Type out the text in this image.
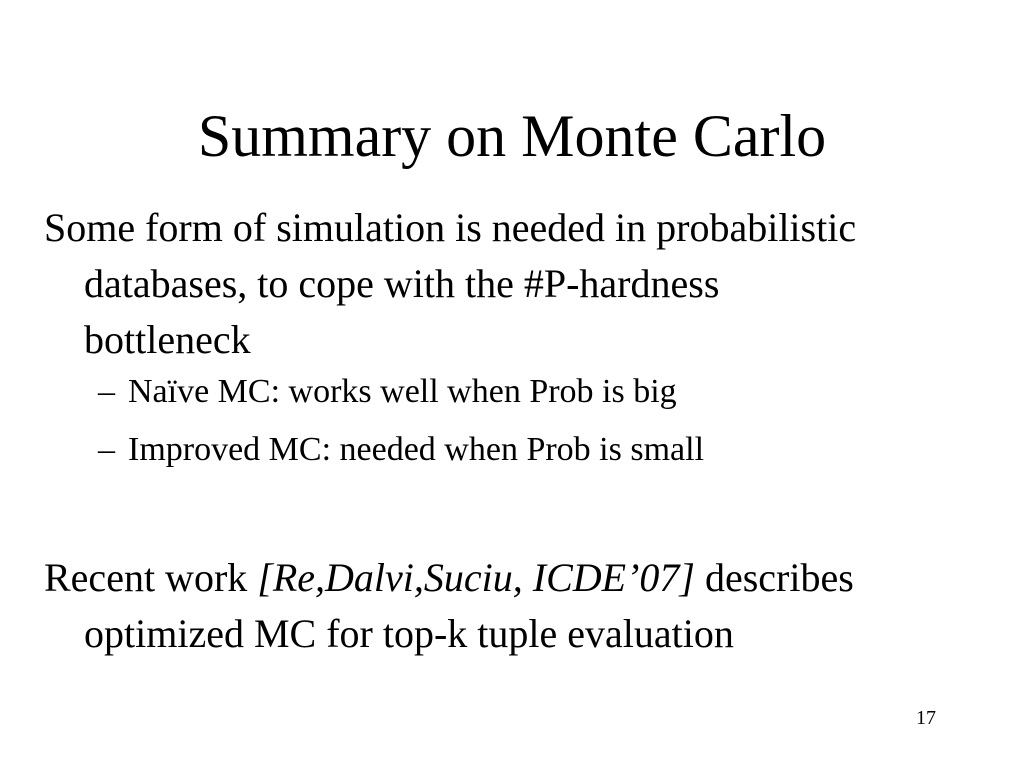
Summary on Monte Carlo
Some form of simulation is needed in probabilistic
databases, to cope with the #P-hardness
bottleneck
– Naïve MC: works well when Prob is big
– Improved MC: needed when Prob is small
Recent work [Re,Dalvi,Suciu, ICDE’07] describes
optimized MC for top-k tuple evaluation
17
